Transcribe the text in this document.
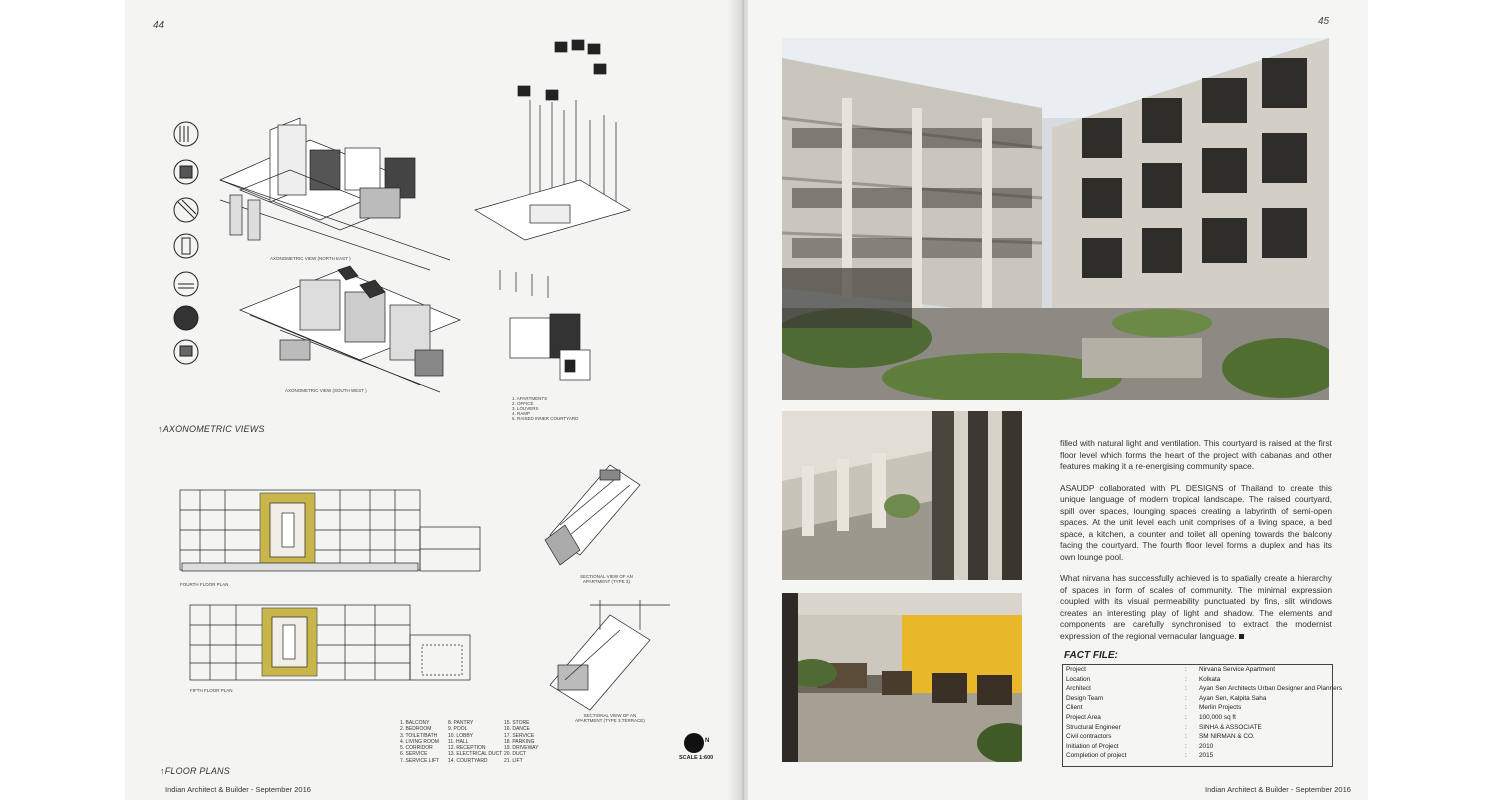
44
AXONOMETRIC VIEW (NORTH EAST )
AXONOMETRIC VIEW (SOUTH WEST )
1. APARTMENTS
2. OFFICE
3. LOUVERS
4. RAMP
5. RAISED INNER COURTYARD
↑AXONOMETRIC VIEWS
FOURTH FLOOR PLAN
FIFTH FLOOR PLAN
SECTIONAL VIEW OF AN
APARTMENT (TYPE 3)
SECTIONAL VIEW OF AN
APARTMENT (TYPE 3,TERRACE)
1. BALCONY
2. BEDROOM
3. TOILET/BATH
4. LIVING ROOM
5. CORRIDOR
6. SERVICE
7. SERVICE LIFT
8. PANTRY
9. POOL
10. LOBBY
11. HALL
12. RECEPTION
13. ELECTRICAL DUCT
14. COURTYARD
15. STORE
16. DANCE
17. SERVICE
18. PARKING
19. DRIVEWAY
20. DUCT
21. LIFT
N
SCALE 1:600
↑FLOOR PLANS
Indian Architect & Builder - September 2016
45

filled with natural light and ventilation. This courtyard is raised at the first floor level which forms the heart of the project with cabanas and other features making it a re-energising community space.

ASAUDP collaborated with PL DESIGNS of Thailand to create this unique language of modern tropical landscape. The raised courtyard, spill over spaces, lounging spaces creating a labyrinth of semi-open spaces. At the unit level each unit comprises of a living space, a bed space, a kitchen, a counter and toilet all opening towards the balcony facing the courtyard. The fourth floor level forms a duplex and has its own lounge pool.

What nirvana has successfully achieved is to spatially create a hierarchy of spaces in form of scales of community. The minimal expression coupled with its visual permeability punctuated by fins, slit windows creates an interesting play of light and shadow. The elements and components are carefully synchronised to extract the modernist expression of the regional vernacular language.

FACT FILE:
Project	: Nirvana Service Apartment
Location	: Kolkata
Architect	: Ayan Sen Architects Urban Designer and Planners
Design Team	: Ayan Sen, Kalpita Saha
Client	: Merlin Projects
Project Area	: 100,000 sq ft
Structural Engineer	: SINHA & ASSOCIATE
Civil contractors	: SM NIRMAN & CO.
Initiation of Project	: 2010
Completion of project	: 2015
Indian Architect & Builder - September 2016
